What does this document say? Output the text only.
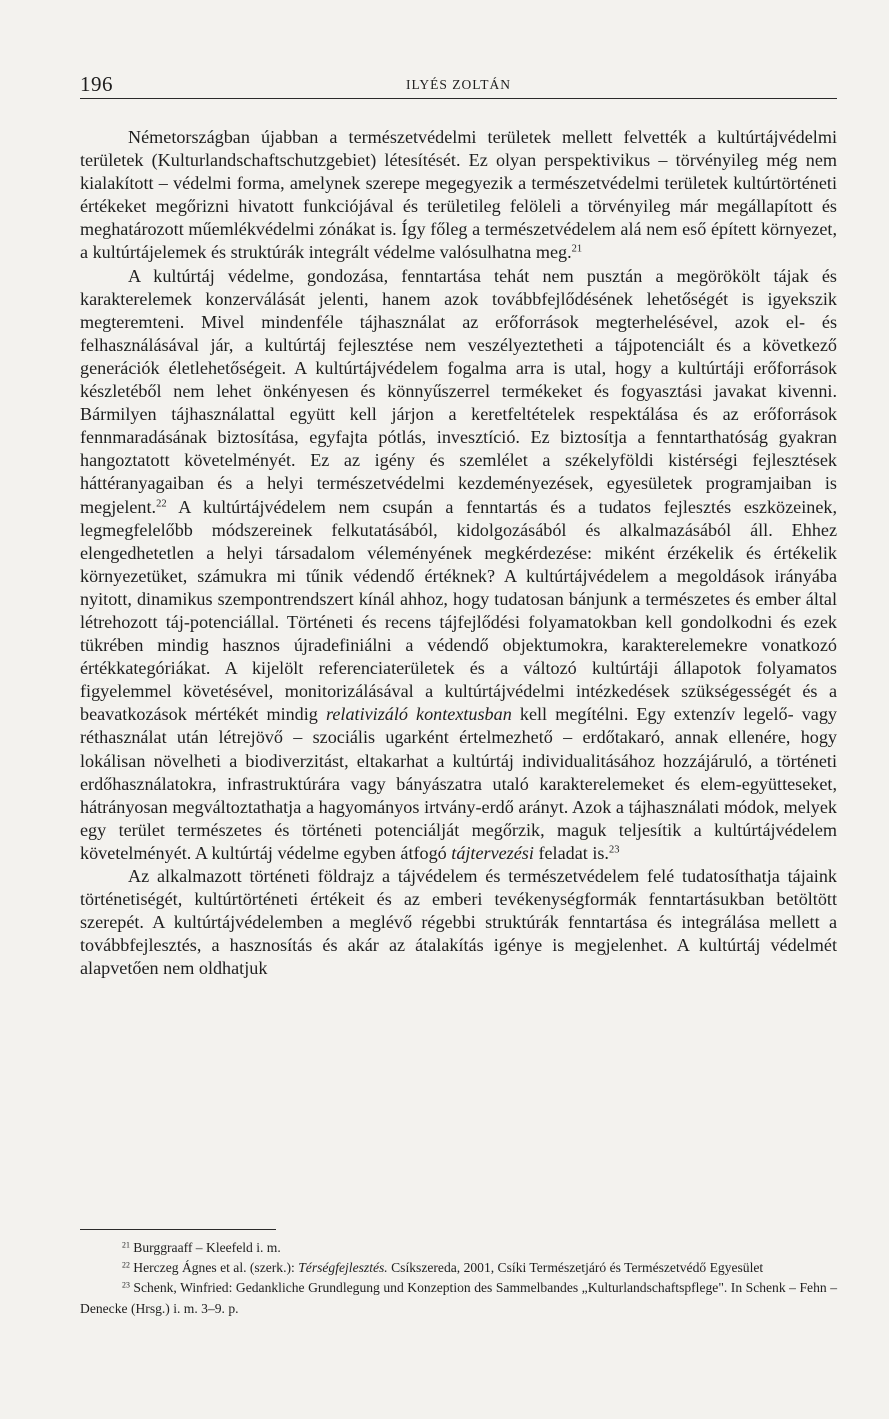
196	ILYÉS ZOLTÁN

Németországban újabban a természetvédelmi területek mellett felvették a kultúrtájvédelmi területek (Kulturlandschaftschutzgebiet) létesítését. Ez olyan perspektivikus – törvényileg még nem kialakított – védelmi forma, amelynek szerepe megegyezik a természetvédelmi területek kultúrtörténeti értékeket megőrizni hivatott funkciójával és területileg felöleli a törvényileg már megállapított és meghatározott műemlékvédelmi zónákat is. Így főleg a természetvédelem alá nem eső épített környezet, a kultúrtájelemek és struktúrák integrált védelme valósulhatna meg.$^{21}$

A kultúrtáj védelme, gondozása, fenntartása tehát nem pusztán a megörökölt tájak és karakterelemek konzerválását jelenti, hanem azok továbbfejlődésének lehetőségét is igyekszik megteremteni. Mivel mindenféle tájhasználat az erőforrások megterhelésével, azok el- és felhasználásával jár, a kultúrtáj fejlesztése nem veszélyeztetheti a tájpotenciált és a következő generációk életlehetőségeit. A kultúrtájvédelem fogalma arra is utal, hogy a kultúrtáji erőforrások készletéből nem lehet önkényesen és könnyűszerrel termékeket és fogyasztási javakat kivenni. Bármilyen tájhasználattal együtt kell járjon a keretfeltételek respektálása és az erőforrások fennmaradásának biztosítása, egyfajta pótlás, invesztíció. Ez biztosítja a fenntarthatóság gyakran hangoztatott követelményét. Ez az igény és szemlélet a székelyföldi kistérségi fejlesztések háttéranyagaiban és a helyi természetvédelmi kezdeményezések, egyesületek programjaiban is megjelent.$^{22}$ A kultúrtájvédelem nem csupán a fenntartás és a tudatos fejlesztés eszközeinek, legmegfelelőbb módszereinek felkutatásából, kidolgozásából és alkalmazásából áll. Ehhez elengedhetetlen a helyi társadalom véleményének megkérdezése: miként érzékelik és értékelik környezetüket, számukra mi tűnik védendő értéknek? A kultúrtájvédelem a megoldások irányába nyitott, dinamikus szempontrendszert kínál ahhoz, hogy tudatosan bánjunk a természetes és ember által létrehozott táj-potenciállal. Történeti és recens tájfejlődési folyamatokban kell gondolkodni és ezek tükrében mindig hasznos újradefiniálni a védendő objektumokra, karakterelemekre vonatkozó értékkategóriákat. A kijelölt referenciaterületek és a változó kultúrtáji állapotok folyamatos figyelemmel követésével, monitorizálásával a kultúrtájvédelmi intézkedések szükségességét és a beavatkozások mértékét mindig relativizáló kontextusban kell megítélni. Egy extenzív legelő- vagy réthasználat után létrejövő – szociális ugarként értelmezhető – erdőtakaró, annak ellenére, hogy lokálisan növelheti a biodiverzitást, eltakarhat a kultúrtáj individualitásához hozzájáruló, a történeti erdőhasználatokra, infrastruktúrára vagy bányászatra utaló karakterelemeket és elem-együtteseket, hátrányosan megváltoztathatja a hagyományos irtvány-erdő arányt. Azok a tájhasználati módok, melyek egy terület természetes és történeti potenciálját megőrzik, maguk teljesítik a kultúrtájvédelem követelményét. A kultúrtáj védelme egyben átfogó tájtervezési feladat is.$^{23}$

Az alkalmazott történeti földrajz a tájvédelem és természetvédelem felé tudatosíthatja tájaink történetiségét, kultúrtörténeti értékeit és az emberi tevékenységformák fenntartásukban betöltött szerepét. A kultúrtájvédelemben a meglévő régebbi struktúrák fenntartása és integrálása mellett a továbbfejlesztés, a hasznosítás és akár az átalakítás igénye is megjelenhet. A kultúrtáj védelmét alapvetően nem oldhatjuk

$^{21}$ Burggraaff – Kleefeld i. m.

$^{22}$ Herczeg Ágnes et al. (szerk.): Térségfejlesztés. Csíkszereda, 2001, Csíki Természetjáró és Természetvédő Egyesület

$^{23}$ Schenk, Winfried: Gedankliche Grundlegung und Konzeption des Sammelbandes „Kulturlandschaftspflege". In Schenk – Fehn – Denecke (Hrsg.) i. m. 3–9. p.
